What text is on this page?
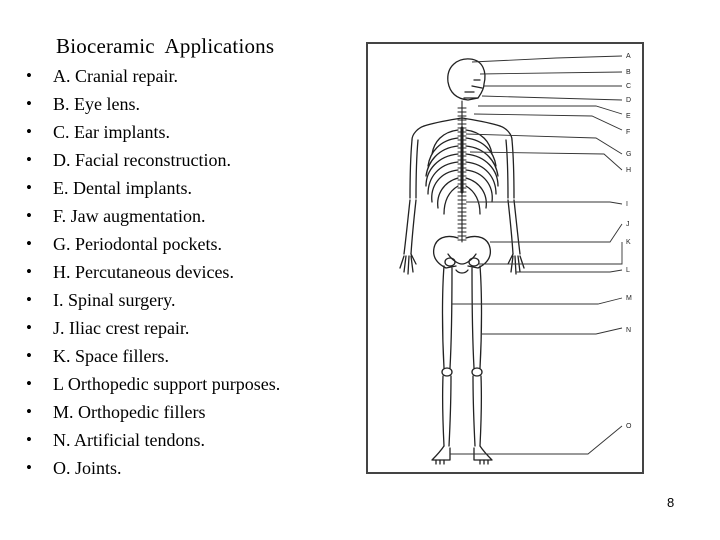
Bioceramic  Applications
• A. Cranial repair.
• B. Eye lens.
• C. Ear implants.
• D. Facial reconstruction.
• E. Dental implants.
• F. Jaw augmentation.
• G. Periodontal pockets.
• H. Percutaneous devices.
• I. Spinal surgery.
• J. Iliac crest repair.
• K. Space fillers.
• L Orthopedic support purposes.
• M. Orthopedic fillers
• N. Artificial tendons.
• O. Joints.
A
B
C
D
E
F
G
H
I
J
K
L
M
N
O
8
